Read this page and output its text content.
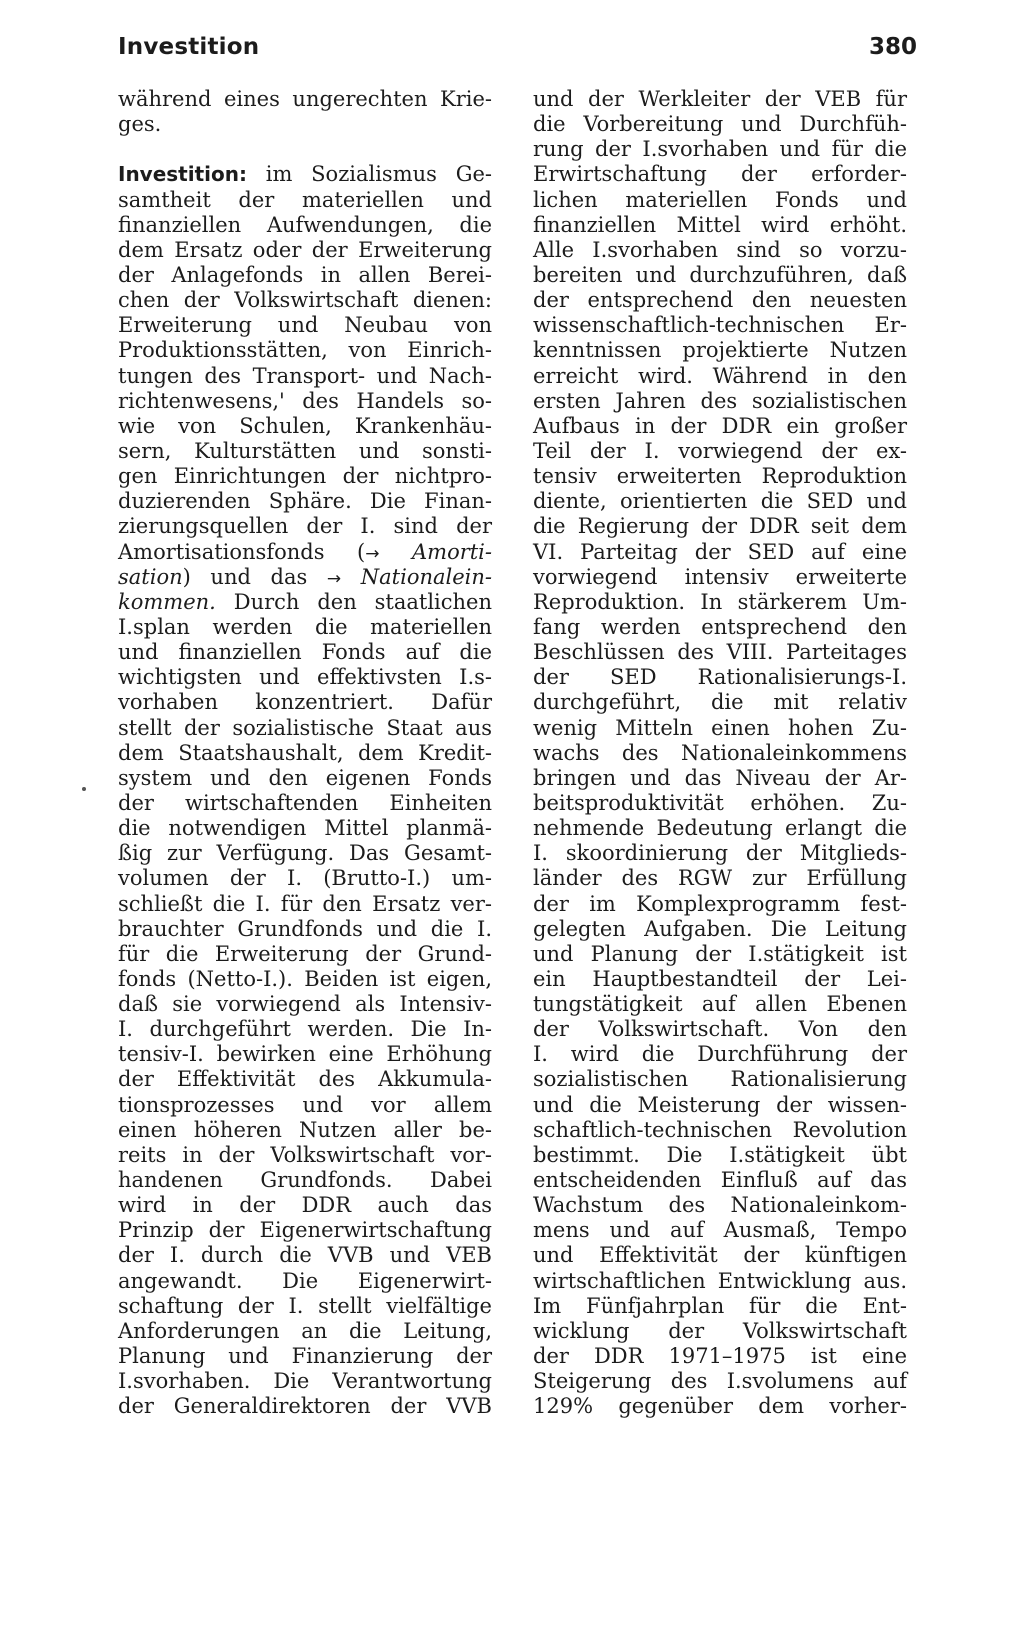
Investition	380
während eines ungerechten Krie-
ges.
Investition: im Sozialismus Ge-
samtheit der materiellen und
finanziellen Aufwendungen, die
dem Ersatz oder der Erweiterung
der Anlagefonds in allen Berei-
chen der Volkswirtschaft dienen:
Erweiterung und Neubau von
Produktionsstätten, von Einrich-
tungen des Transport- und Nach-
richtenwesens,' des Handels so-
wie von Schulen, Krankenhäu-
sern, Kulturstätten und sonsti-
gen Einrichtungen der nichtpro-
duzierenden Sphäre. Die Finan-
zierungsquellen der I. sind der
Amortisationsfonds (→ Amorti-
sation) und das → Nationalein-
kommen. Durch den staatlichen
I.splan werden die materiellen
und finanziellen Fonds auf die
wichtigsten und effektivsten I.s-
vorhaben konzentriert. Dafür
stellt der sozialistische Staat aus
dem Staatshaushalt, dem Kredit-
system und den eigenen Fonds
der wirtschaftenden Einheiten
die notwendigen Mittel planmä-
ßig zur Verfügung. Das Gesamt-
volumen der I. (Brutto-I.) um-
schließt die I. für den Ersatz ver-
brauchter Grundfonds und die I.
für die Erweiterung der Grund-
fonds (Netto-I.). Beiden ist eigen,
daß sie vorwiegend als Intensiv-
I. durchgeführt werden. Die In-
tensiv-I. bewirken eine Erhöhung
der Effektivität des Akkumula-
tionsprozesses und vor allem
einen höheren Nutzen aller be-
reits in der Volkswirtschaft vor-
handenen Grundfonds. Dabei
wird in der DDR auch das
Prinzip der Eigenerwirtschaftung
der I. durch die VVB und VEB
angewandt. Die Eigenerwirt-
schaftung der I. stellt vielfältige
Anforderungen an die Leitung,
Planung und Finanzierung der
I.svorhaben. Die Verantwortung
der Generaldirektoren der VVB
und der Werkleiter der VEB für
die Vorbereitung und Durchfüh-
rung der I.svorhaben und für die
Erwirtschaftung der erforder-
lichen materiellen Fonds und
finanziellen Mittel wird erhöht.
Alle I.svorhaben sind so vorzu-
bereiten und durchzuführen, daß
der entsprechend den neuesten
wissenschaftlich-technischen Er-
kenntnissen projektierte Nutzen
erreicht wird. Während in den
ersten Jahren des sozialistischen
Aufbaus in der DDR ein großer
Teil der I. vorwiegend der ex-
tensiv erweiterten Reproduktion
diente, orientierten die SED und
die Regierung der DDR seit dem
VI. Parteitag der SED auf eine
vorwiegend intensiv erweiterte
Reproduktion. In stärkerem Um-
fang werden entsprechend den
Beschlüssen des VIII. Parteitages
der SED Rationalisierungs-I.
durchgeführt, die mit relativ
wenig Mitteln einen hohen Zu-
wachs des Nationaleinkommens
bringen und das Niveau der Ar-
beitsproduktivität erhöhen. Zu-
nehmende Bedeutung erlangt die
I. skoordinierung der Mitglieds-
länder des RGW zur Erfüllung
der im Komplexprogramm fest-
gelegten Aufgaben. Die Leitung
und Planung der I.stätigkeit ist
ein Hauptbestandteil der Lei-
tungstätigkeit auf allen Ebenen
der Volkswirtschaft. Von den
I. wird die Durchführung der
sozialistischen Rationalisierung
und die Meisterung der wissen-
schaftlich-technischen Revolution
bestimmt. Die I.stätigkeit übt
entscheidenden Einfluß auf das
Wachstum des Nationaleinkom-
mens und auf Ausmaß, Tempo
und Effektivität der künftigen
wirtschaftlichen Entwicklung aus.
Im Fünfjahrplan für die Ent-
wicklung der Volkswirtschaft
der DDR 1971–1975 ist eine
Steigerung des I.svolumens auf
129% gegenüber dem vorher-
